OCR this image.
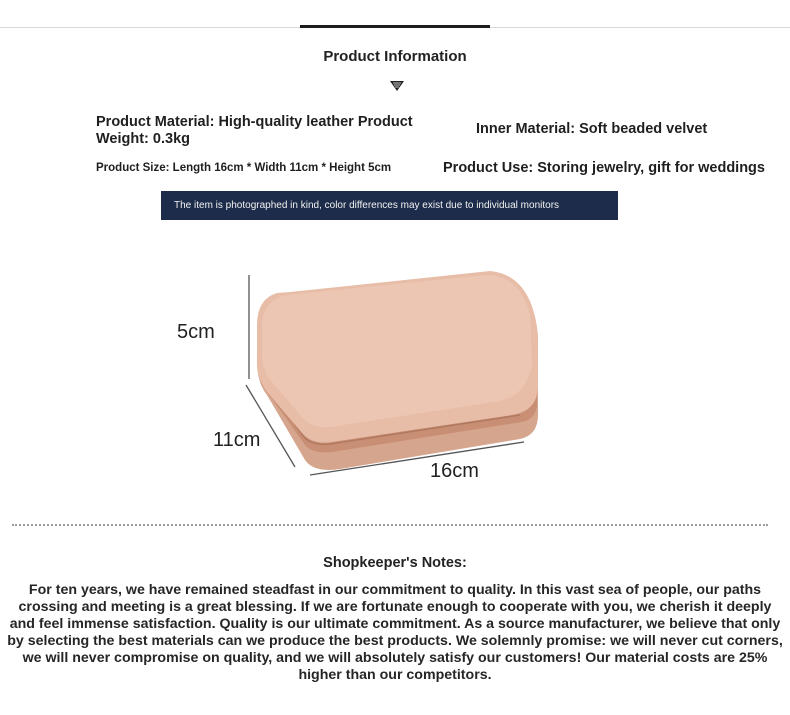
Product Information
Product Material: High-quality leather Product Weight: 0.3kg
Inner Material: Soft beaded velvet
Product Size: Length 16cm * Width 11cm * Height 5cm	Product Use: Storing jewelry, gift for weddings
The item is photographed in kind, color differences may exist due to individual monitors
5cm
11cm
16cm
Shopkeeper's Notes:
For ten years, we have remained steadfast in our commitment to quality. In this vast sea of people, our paths crossing and meeting is a great blessing. If we are fortunate enough to cooperate with you, we cherish it deeply and feel immense satisfaction. Quality is our ultimate commitment. As a source manufacturer, we believe that only by selecting the best materials can we produce the best products. We solemnly promise: we will never cut corners, we will never compromise on quality, and we will absolutely satisfy our customers! Our material costs are 25% higher than our competitors.
